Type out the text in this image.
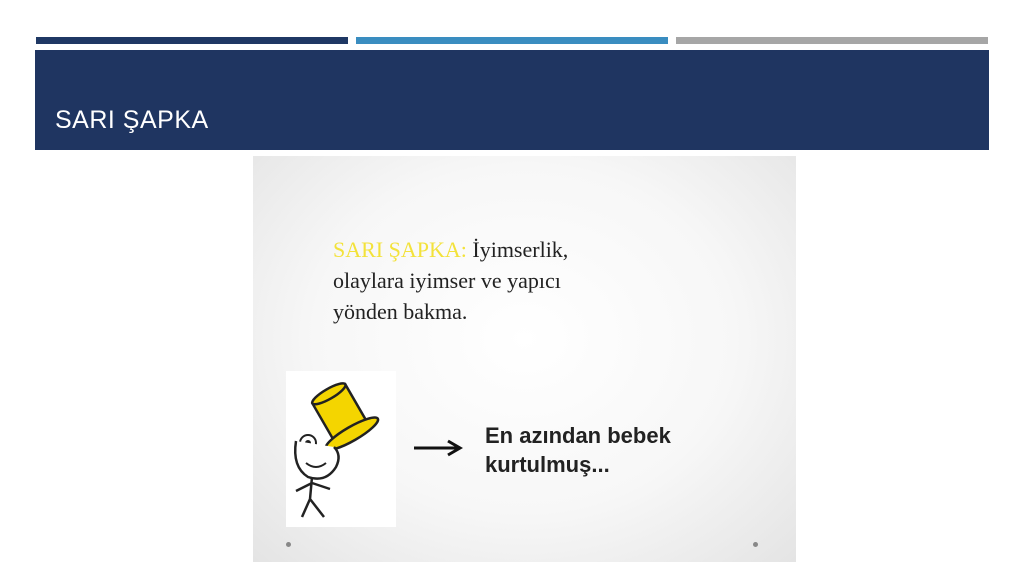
SARI ŞAPKA
SARI ŞAPKA: İyimserlik,
olaylara iyimser ve yapıcı
yönden bakma.
En azından bebek
kurtulmuş...
